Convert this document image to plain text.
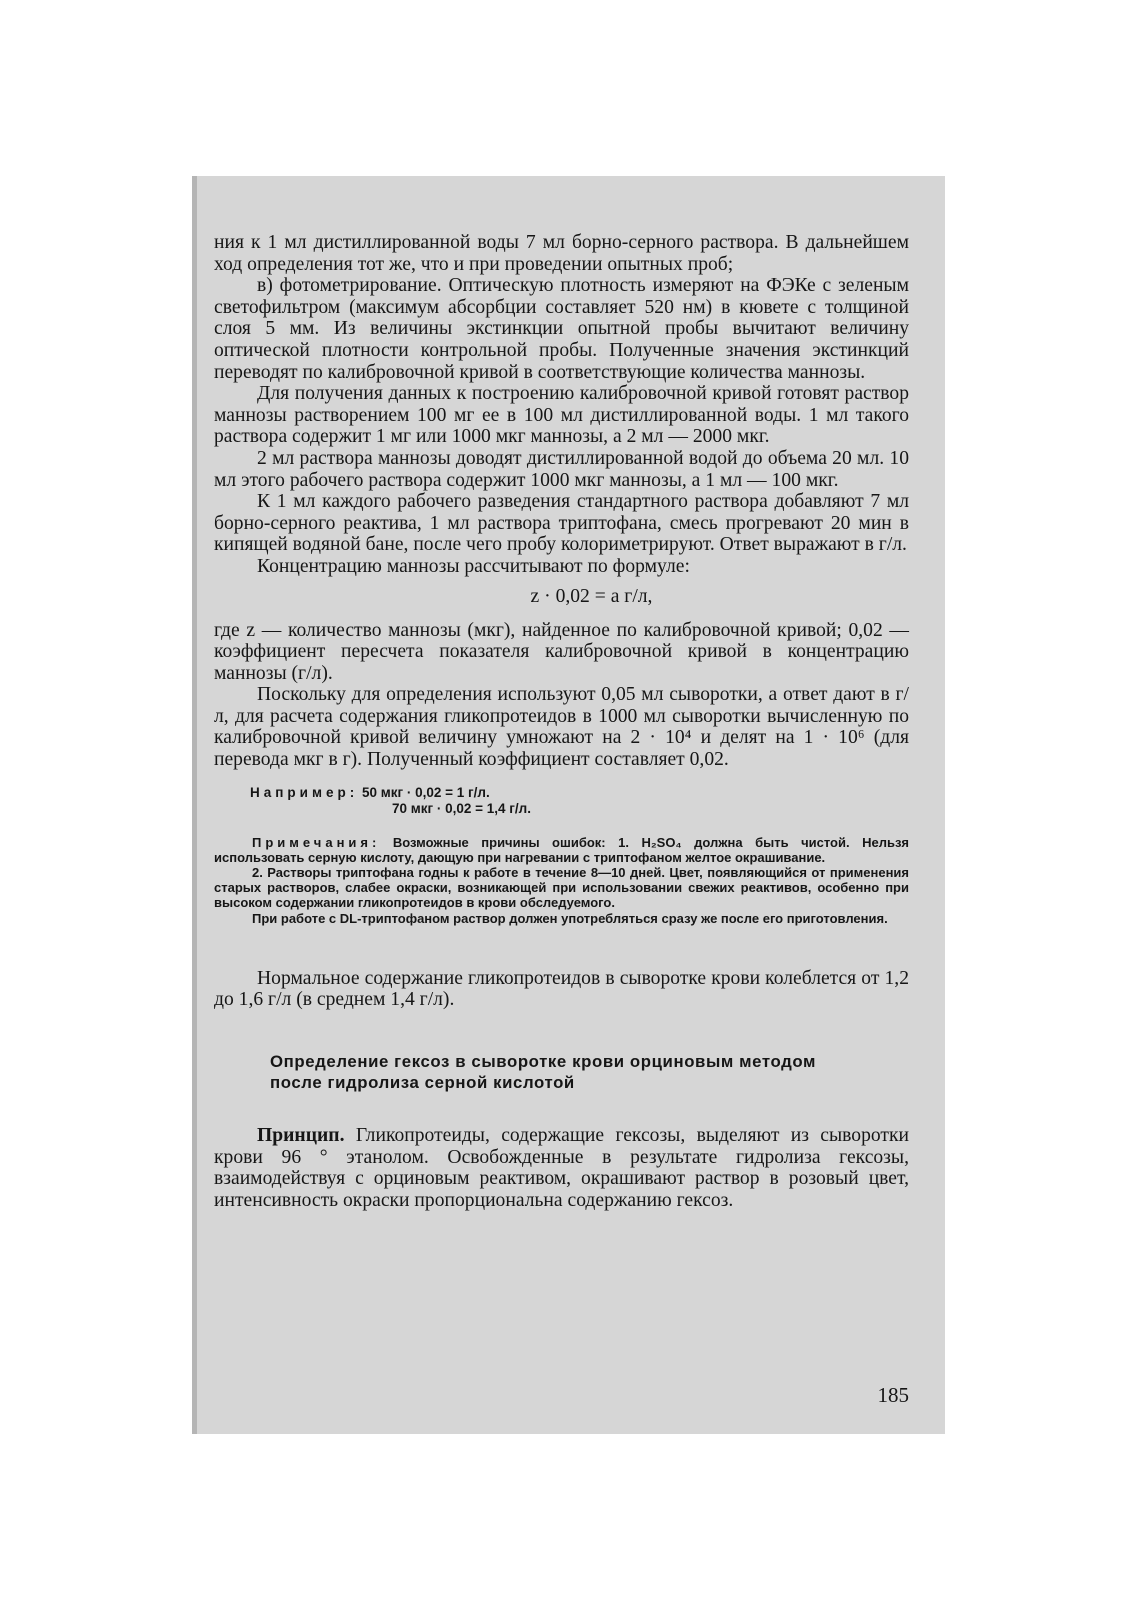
ния к 1 мл дистиллированной воды 7 мл борно-серного раствора. В дальнейшем ход определения тот же, что и при проведении опытных проб;

в) фотометрирование. Оптическую плотность измеряют на ФЭКе с зеленым светофильтром (максимум абсорбции составляет 520 нм) в кювете с толщиной слоя 5 мм. Из величины экстинкции опытной пробы вычитают величину оптической плотности контрольной пробы. Полученные значения экстинкций переводят по калибровочной кривой в соответствующие количества маннозы.

Для получения данных к построению калибровочной кривой готовят раствор маннозы растворением 100 мг ее в 100 мл дистиллированной воды. 1 мл такого раствора содержит 1 мг или 1000 мкг маннозы, а 2 мл — 2000 мкг.

2 мл раствора маннозы доводят дистиллированной водой до объема 20 мл. 10 мл этого рабочего раствора содержит 1000 мкг маннозы, а 1 мл — 100 мкг.

К 1 мл каждого рабочего разведения стандартного раствора добавляют 7 мл борно-серного реактива, 1 мл раствора триптофана, смесь прогревают 20 мин в кипящей водяной бане, после чего пробу колориметрируют. Ответ выражают в г/л.

Концентрацию маннозы рассчитывают по формуле:

z · 0,02 = a г/л,

где z — количество маннозы (мкг), найденное по калибровочной кривой; 0,02 — коэффициент пересчета показателя калибровочной кривой в концентрацию маннозы (г/л).

Поскольку для определения используют 0,05 мл сыворотки, а ответ дают в г/л, для расчета содержания гликопротеидов в 1000 мл сыворотки вычисленную по калибровочной кривой величину умножают на 2 · 10⁴ и делят на 1 · 10⁶ (для перевода мкг в г). Полученный коэффициент составляет 0,02.

Например: 50 мкг · 0,02 = 1 г/л.
70 мкг · 0,02 = 1,4 г/л.

Примечания: Возможные причины ошибок: 1. H₂SO₄ должна быть чистой. Нельзя использовать серную кислоту, дающую при нагревании с триптофаном желтое окрашивание.

2. Растворы триптофана годны к работе в течение 8—10 дней. Цвет, появляющийся от применения старых растворов, слабее окраски, возникающей при использовании свежих реактивов, особенно при высоком содержании гликопротеидов в крови обследуемого.

При работе с DL-триптофаном раствор должен употребляться сразу же после его приготовления.

Нормальное содержание гликопротеидов в сыворотке крови колеблется от 1,2 до 1,6 г/л (в среднем 1,4 г/л).

Определение гексоз в сыворотке крови орциновым методом после гидролиза серной кислотой

Принцип. Гликопротеиды, содержащие гексозы, выделяют из сыворотки крови 96 ° этанолом. Освобожденные в результате гидролиза гексозы, взаимодействуя с орциновым реактивом, окрашивают раствор в розовый цвет, интенсивность окраски пропорциональна содержанию гексоз.

185
